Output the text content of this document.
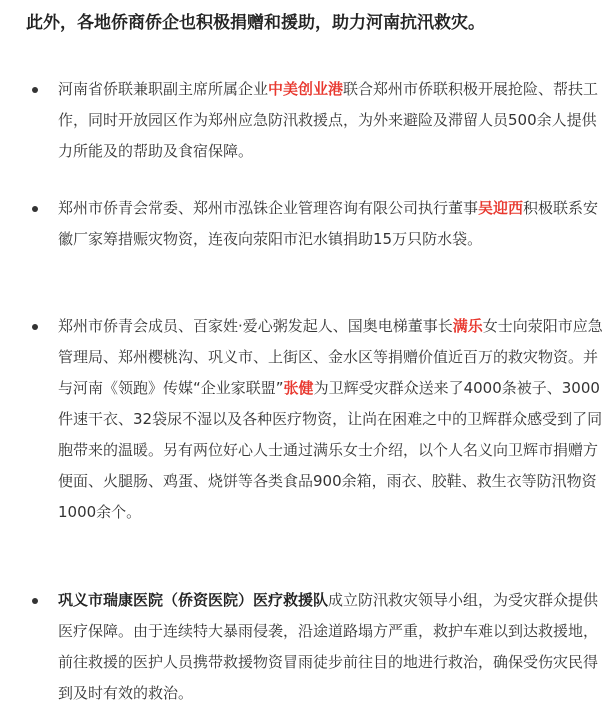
此外，各地侨商侨企也积极捐赠和援助，助力河南抗汛救灾。

河南省侨联兼职副主席所属企业中美创业港联合郑州市侨联积极开展抢险、帮扶工作，同时开放园区作为郑州应急防汛救援点，为外来避险及滞留人员500余人提供力所能及的帮助及食宿保障。
郑州市侨青会常委、郑州市泓铢企业管理咨询有限公司执行董事吴迎西积极联系安徽厂家筹措赈灾物资，连夜向荥阳市汜水镇捐助15万只防水袋。
郑州市侨青会成员、百家姓·爱心粥发起人、国奥电梯董事长满乐女士向荥阳市应急管理局、郑州樱桃沟、巩义市、上街区、金水区等捐赠价值近百万的救灾物资。并与河南《领跑》传媒“企业家联盟”张健为卫辉受灾群众送来了4000条被子、3000件速干衣、32袋尿不湿以及各种医疗物资，让尚在困难之中的卫辉群众感受到了同胞带来的温暖。另有两位好心人士通过满乐女士介绍，以个人名义向卫辉市捐赠方便面、火腿肠、鸡蛋、烧饼等各类食品900余箱，雨衣、胶鞋、救生衣等防汛物资1000余个。
巩义市瑞康医院（侨资医院）医疗救援队成立防汛救灾领导小组，为受灾群众提供医疗保障。由于连续特大暴雨侵袭，沿途道路塌方严重，救护车难以到达救援地，前往救援的医护人员携带救援物资冒雨徒步前往目的地进行救治，确保受伤灾民得到及时有效的救治。
